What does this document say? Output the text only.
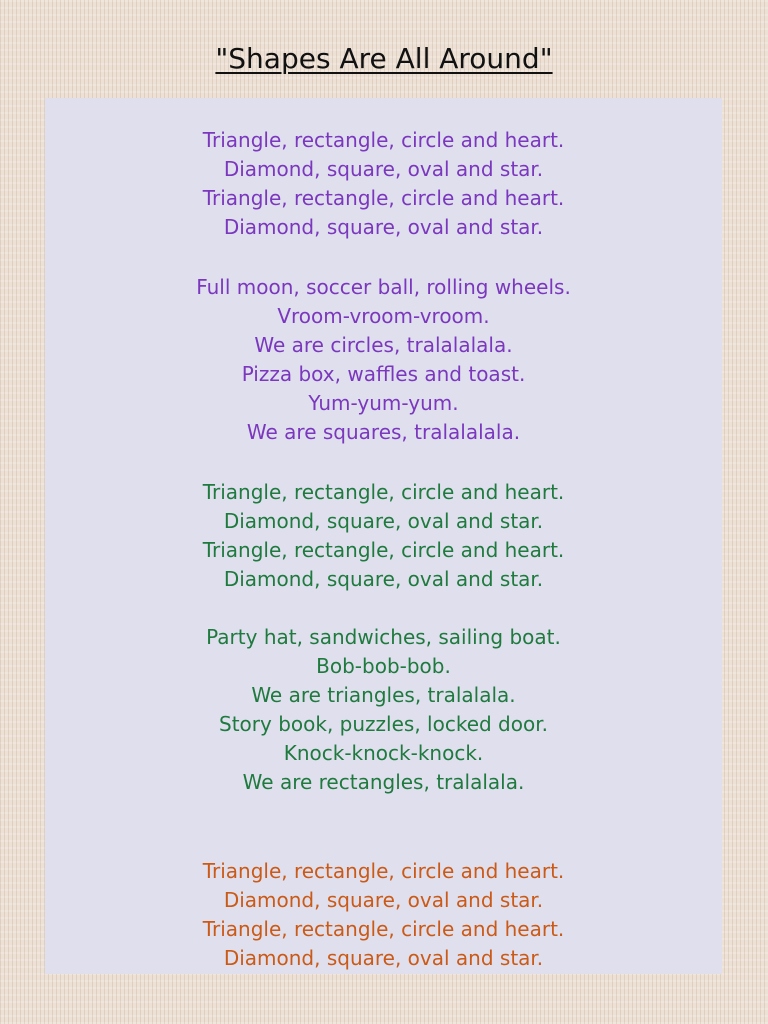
"Shapes Are All Around"
Triangle, rectangle, circle and heart.
Diamond, square, oval and star.
Triangle, rectangle, circle and heart.
Diamond, square, oval and star.
Full moon, soccer ball, rolling wheels.
Vroom-vroom-vroom.
We are circles, tralalalala.
Pizza box, waffles and toast.
Yum-yum-yum.
We are squares, tralalalala.
Triangle, rectangle, circle and heart.
Diamond, square, oval and star.
Triangle, rectangle, circle and heart.
Diamond, square, oval and star.
Party hat, sandwiches, sailing boat.
Bob-bob-bob.
We are triangles, tralalala.
Story book, puzzles, locked door.
Knock-knock-knock.
We are rectangles, tralalala.
Triangle, rectangle, circle and heart.
Diamond, square, oval and star.
Triangle, rectangle, circle and heart.
Diamond, square, oval and star.
